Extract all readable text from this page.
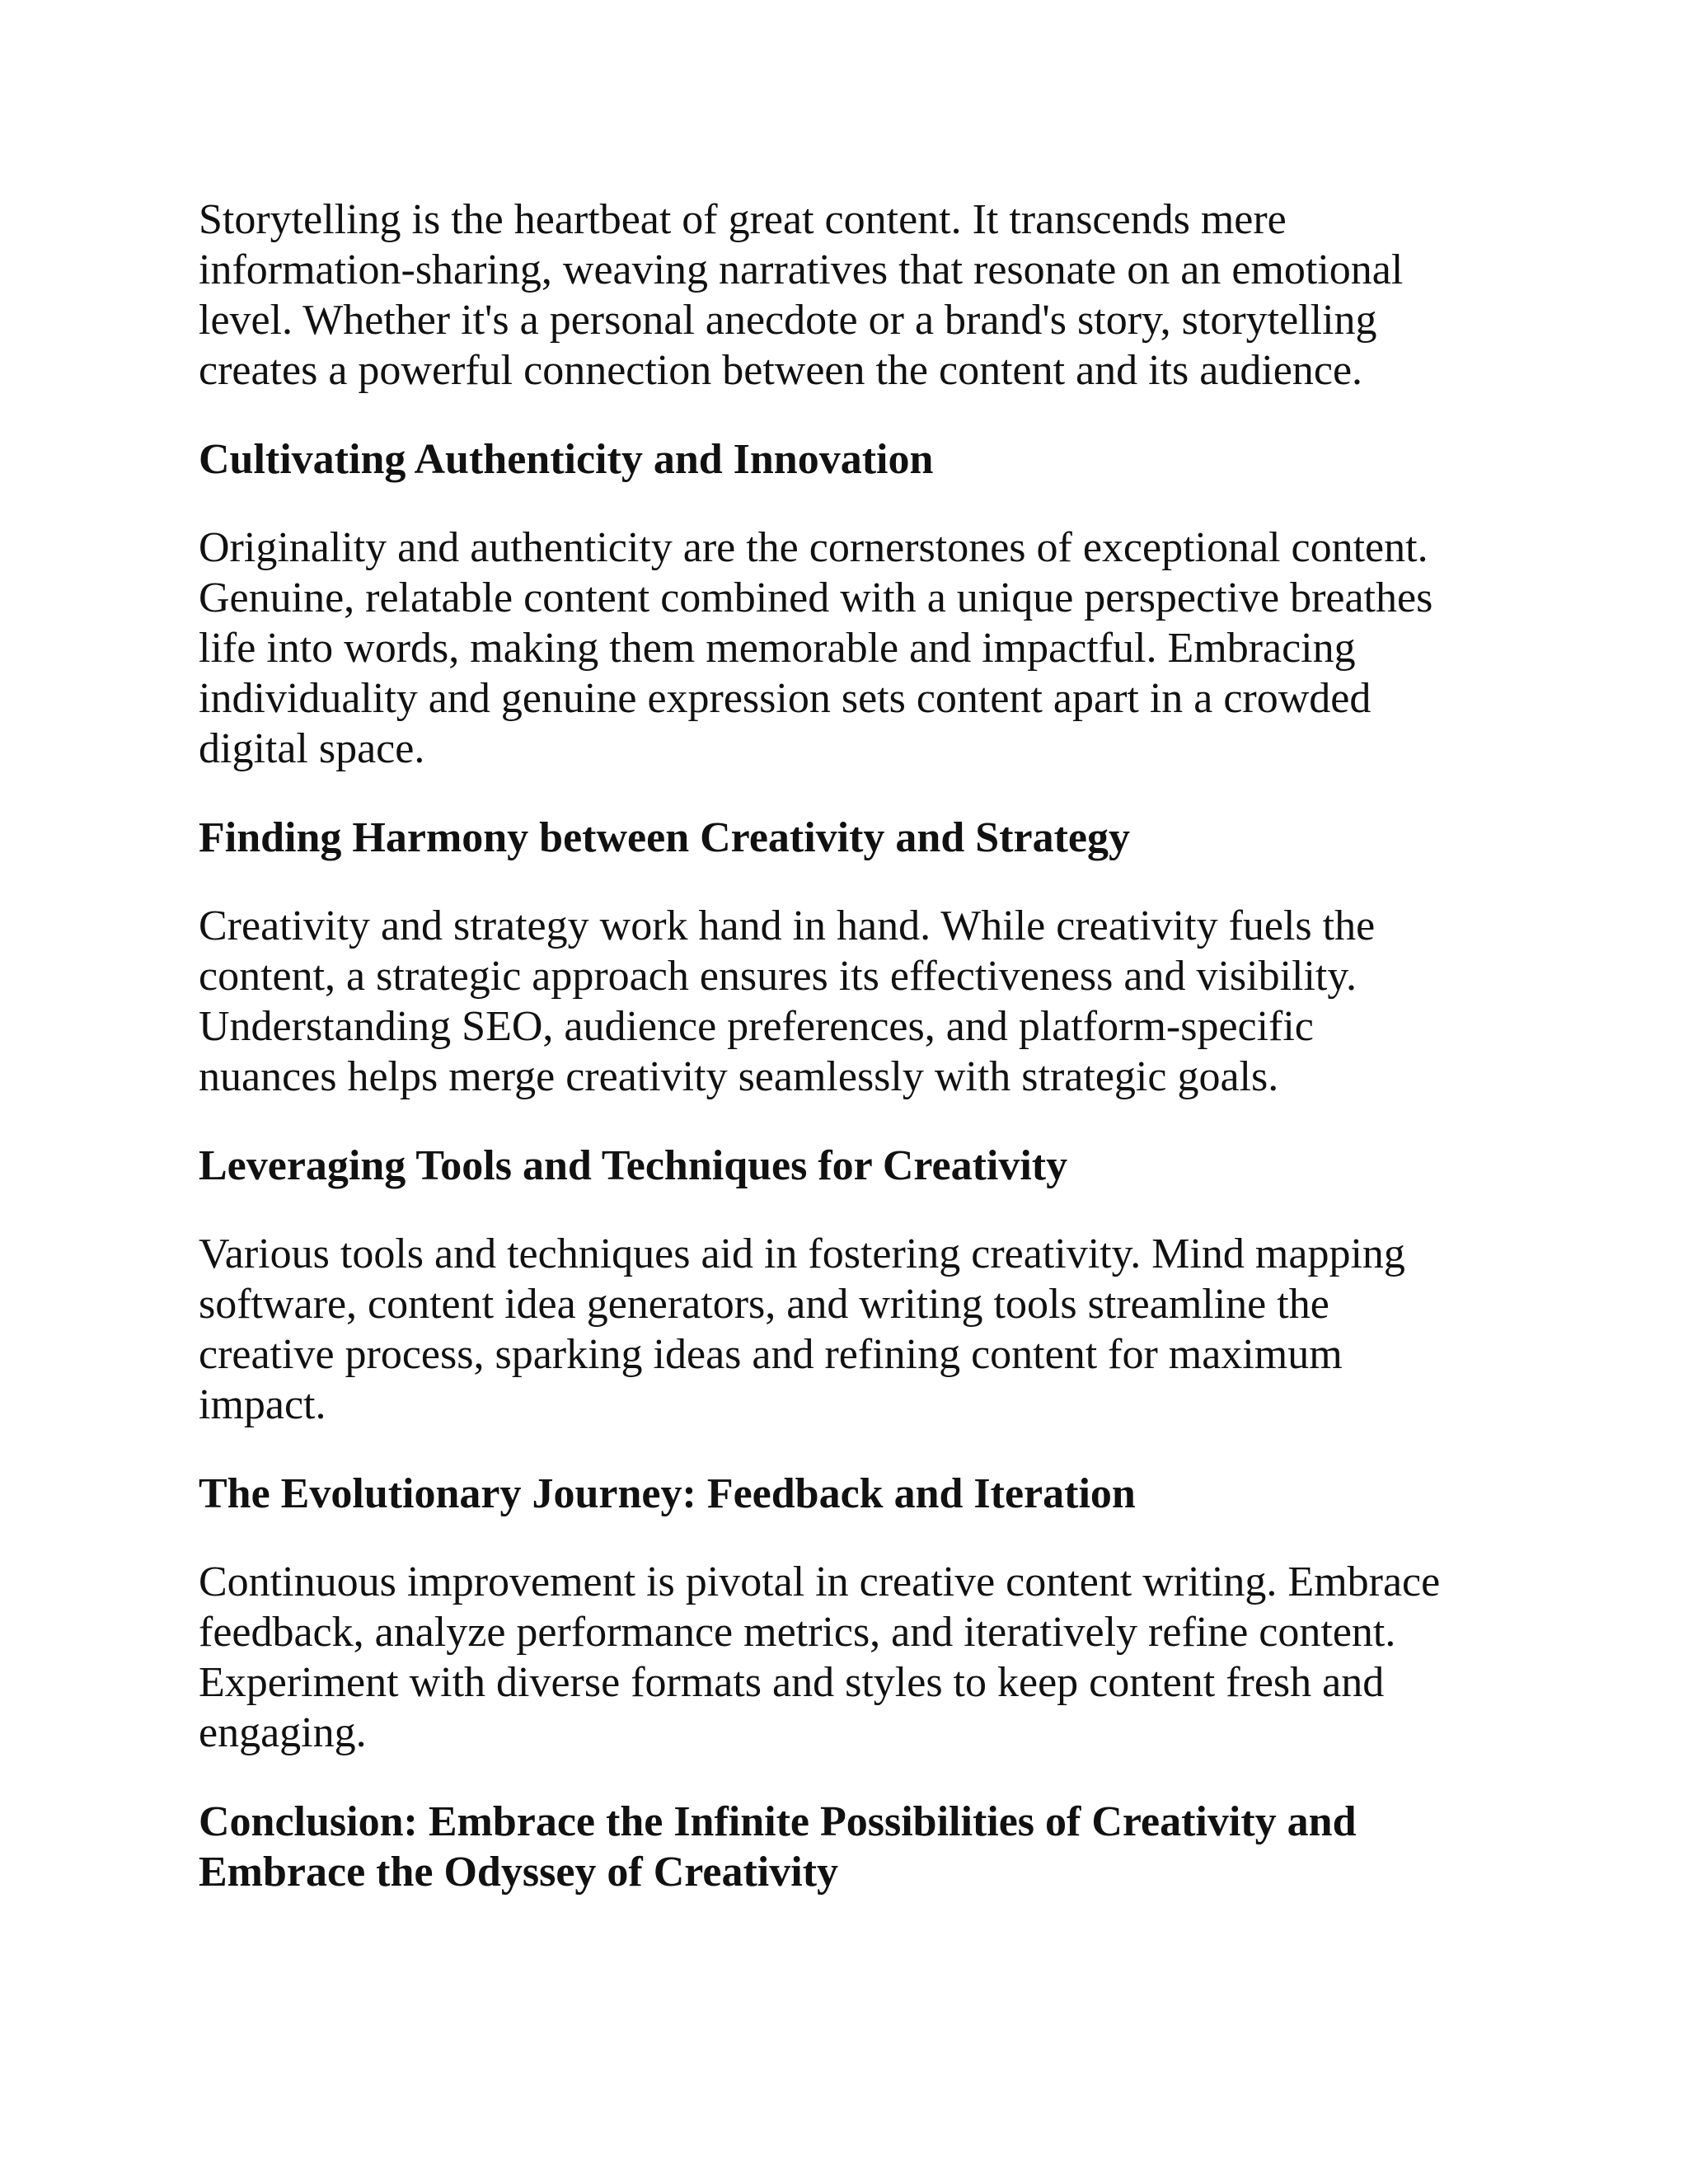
Storytelling is the heartbeat of great content. It transcends mere
information-sharing, weaving narratives that resonate on an emotional
level. Whether it's a personal anecdote or a brand's story, storytelling
creates a powerful connection between the content and its audience.

Cultivating Authenticity and Innovation

Originality and authenticity are the cornerstones of exceptional content.
Genuine, relatable content combined with a unique perspective breathes
life into words, making them memorable and impactful. Embracing
individuality and genuine expression sets content apart in a crowded
digital space.

Finding Harmony between Creativity and Strategy

Creativity and strategy work hand in hand. While creativity fuels the
content, a strategic approach ensures its effectiveness and visibility.
Understanding SEO, audience preferences, and platform-specific
nuances helps merge creativity seamlessly with strategic goals.

Leveraging Tools and Techniques for Creativity

Various tools and techniques aid in fostering creativity. Mind mapping
software, content idea generators, and writing tools streamline the
creative process, sparking ideas and refining content for maximum
impact.

The Evolutionary Journey: Feedback and Iteration

Continuous improvement is pivotal in creative content writing. Embrace
feedback, analyze performance metrics, and iteratively refine content.
Experiment with diverse formats and styles to keep content fresh and
engaging.

Conclusion: Embrace the Infinite Possibilities of Creativity and
Embrace the Odyssey of Creativity
